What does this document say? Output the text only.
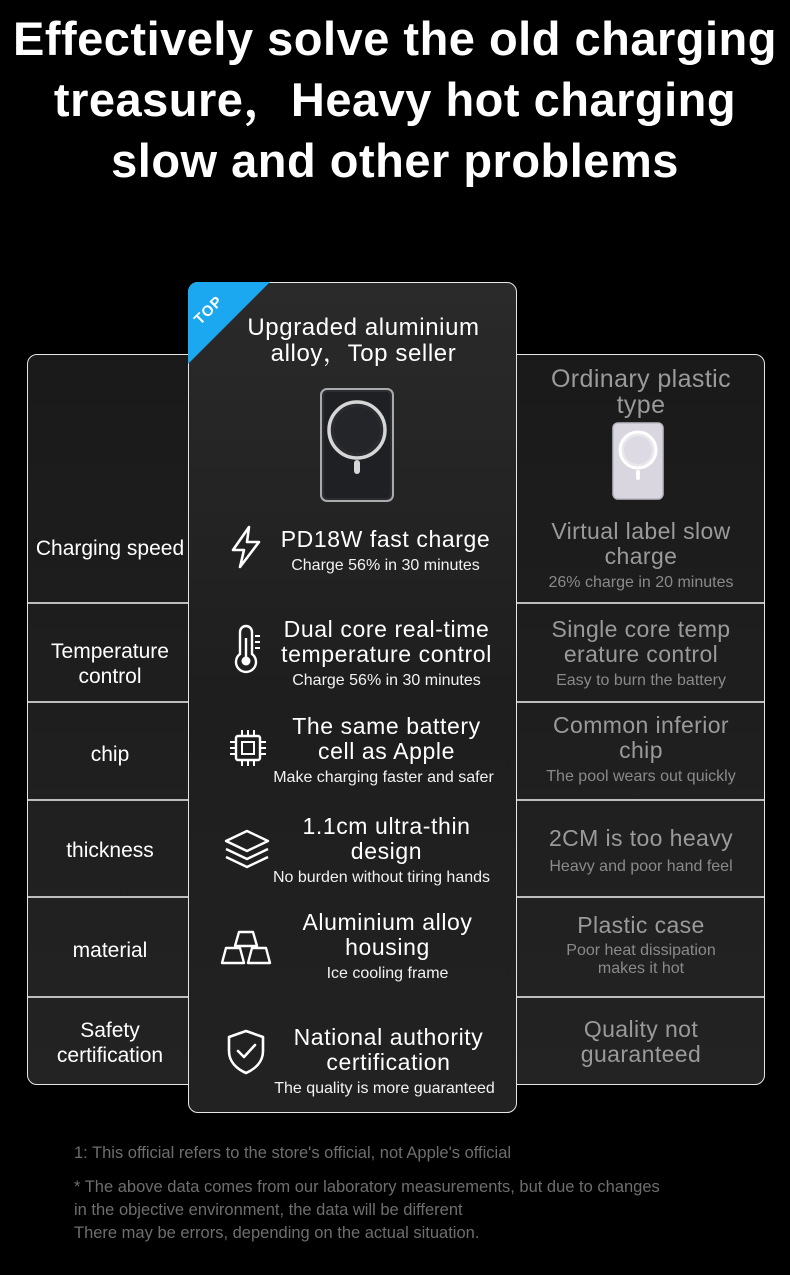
Effectively solve the old charging treasure，Heavy hot charging slow and other problems
Charging speed
Temperature control
chip
thickness
material
Safety certification
Upgraded aluminium alloy，Top seller
PD18W fast charge
Charge 56% in 30 minutes
Dual core real-time temperature control
Charge 56% in 30 minutes
The same battery cell as Apple
Make charging faster and safer
1.1cm ultra-thin design
No burden without tiring hands
Aluminium alloy housing
Ice cooling frame
National authority certification
The quality is more guaranteed
TOP
Ordinary plastic type
Virtual label slow charge
26% charge in 20 minutes
Single core temp erature control
Easy to burn the battery
Common inferior chip
The pool wears out quickly
2CM is too heavy
Heavy and poor hand feel
Plastic case
Poor heat dissipation makes it hot
Quality not guaranteed
1: This official refers to the store's official, not Apple's official
* The above data comes from our laboratory measurements, but due to changes in the objective environment, the data will be different
There may be errors, depending on the actual situation.
